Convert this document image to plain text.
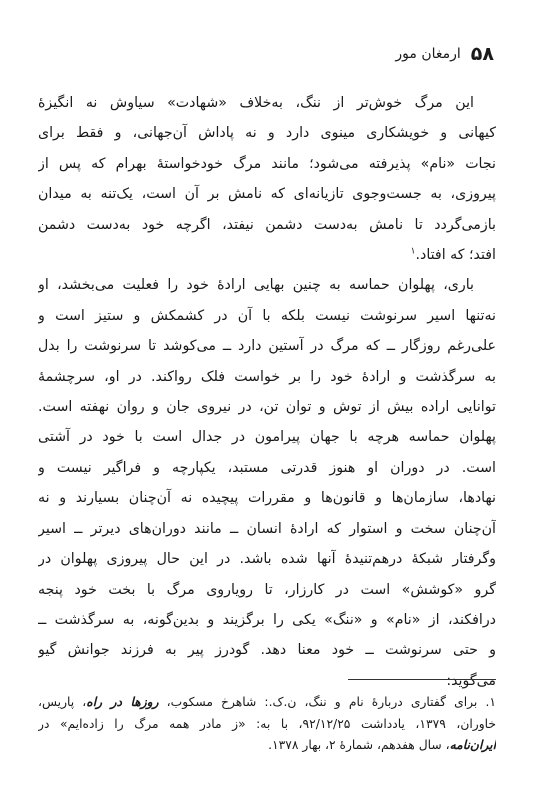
۵۸
ارمغان مور

این مرگ خوش‌تر از ننگ، به‌خلاف «شهادت» سیاوش نه انگیزهٔ
کیهانی و خویشکاری مینوی دارد و نه پاداش آن‌جهانی، و فقط برای
نجات «نام» پذیرفته می‌شود؛ مانند مرگ خودخواستهٔ بهرام که پس از
پیروزی، به جست‌وجوی تازیانه‌ای که نامش بر آن است، یک‌تنه به میدان
بازمی‌گردد تا نامش به‌دست دشمن نیفتد، اگرچه خود به‌دست دشمن
افتد؛ که افتاد.$^۱$

باری، پهلوان حماسه به چنین بهایی ارادهٔ خود را فعلیت می‌بخشد، او
نه‌تنها اسیر سرنوشت نیست بلکه با آن در کشمکش و ستیز است و
علی‌رغم روزگار ــ که مرگ در آستین دارد ــ می‌کوشد تا سرنوشت را بدل
به سرگذشت و ارادهٔ خود را بر خواست فلک رواکند. در او، سرچشمهٔ
توانایی اراده بیش از توش و توان تن، در نیروی جان و روان نهفته است.
پهلوان حماسه هرچه با جهان پیرامون در جدال است با خود در آشتی
است. در دوران او هنوز قدرتی مستبد، یکپارچه و فراگیر نیست و
نهادها، سازمان‌ها و قانون‌ها و مقررات پیچیده نه آن‌چنان بسیارند و نه
آن‌چنان سخت و استوار که ارادهٔ انسان ــ مانند دوران‌های دیرتر ــ اسیر
وگرفتار شبکهٔ درهم‌تنیدهٔ آنها شده باشد. در این حال پیروزی پهلوان در
گرو «کوشش» است در کارزار، تا رویاروی مرگ با بخت خود پنجه
درافکند، از «نام» و «ننگ» یکی را برگزیند و بدین‌گونه، به سرگذشت ــ
و حتی سرنوشت ــ خود معنا دهد. گودرز پیر به فرزند جوانش گیو
می‌گوید:

۱. برای گفتاری دربارهٔ نام و ننگ، ن.ک.: شاهرخ مسکوب، روزها در راه، پاریس،
خاوران، ۱۳۷۹، یادداشت ۹۲/۱۲/۲۵، با به: «ز مادر همه مرگ را زاده‌ایم» در
ایران‌نامه، سال هفدهم، شمارهٔ ۲، بهار ۱۳۷۸.
